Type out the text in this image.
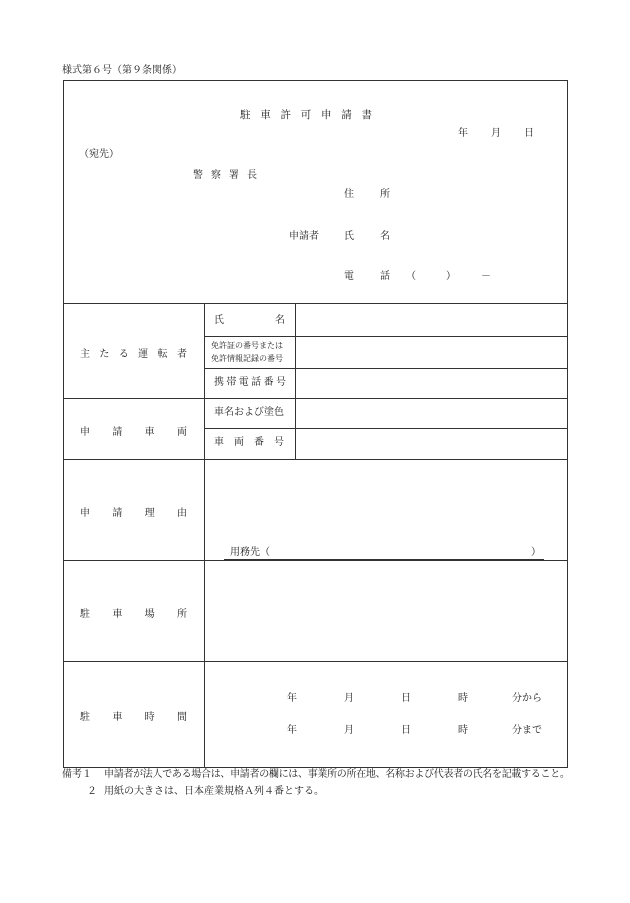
様式第６号（第９条関係）
駐 車 許 可 申 請 書
年 月 日
（宛先）
警 察 署 長
住	所
申請者	氏	名
電	話 （	）	－
主 た る 運 転 者
氏	名
免許証の番号または
免許情報記録の番号
携 帯 電 話 番 号
申 請 車 両
車名および塗色
車 両 番 号
申 請 理 由
用務先（	）
駐 車 場 所
駐 車 時 間
年	月	日	時	分から
年	月	日	時	分まで
備考１ 申請者が法人である場合は、申請者の欄には、事業所の所在地、名称および代表者の氏名を記載すること。
２ 用紙の大きさは、日本産業規格Ａ列４番とする。
